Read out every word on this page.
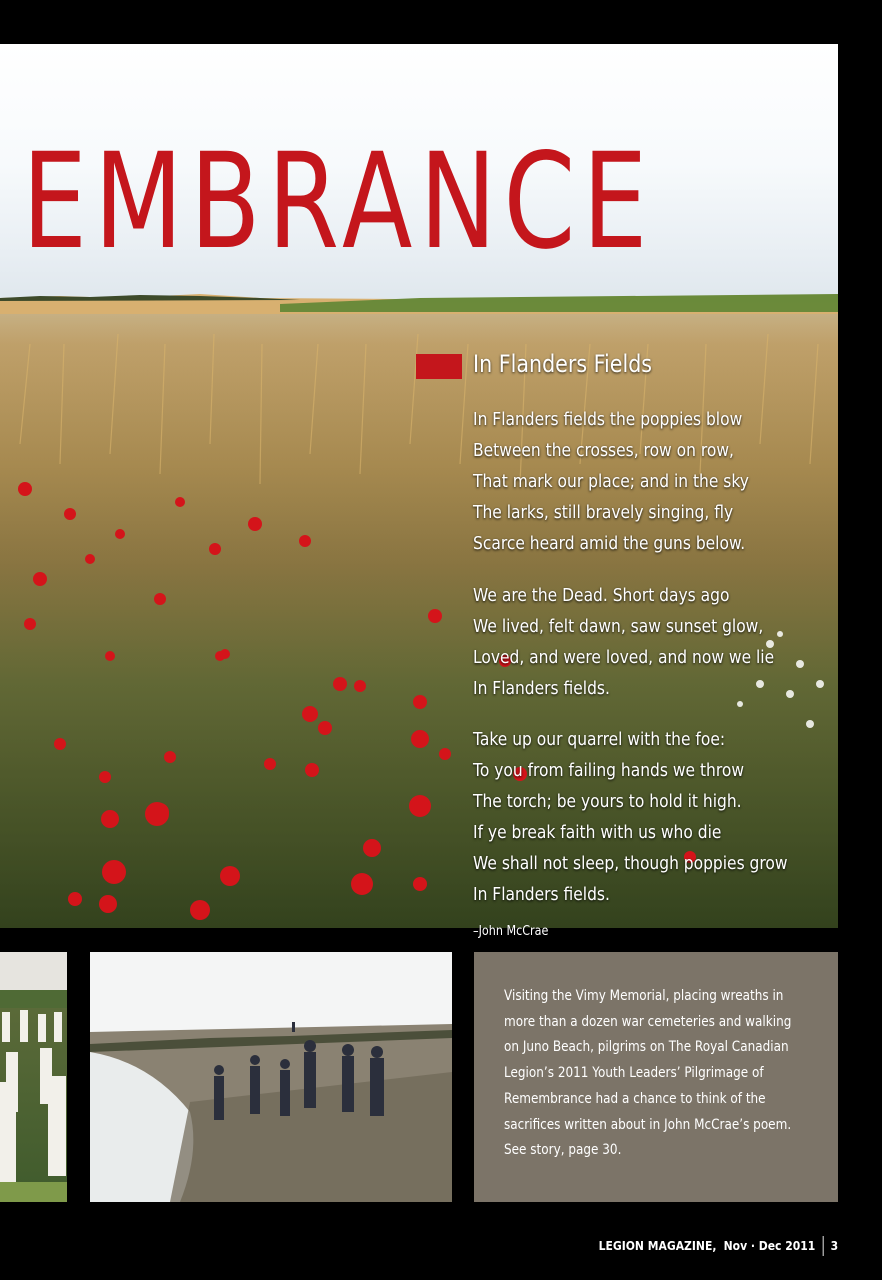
EMBRANCE
In Flanders Fields

In Flanders fields the poppies blow
Between the crosses, row on row,
That mark our place; and in the sky
The larks, still bravely singing, fly
Scarce heard amid the guns below.

We are the Dead. Short days ago
We lived, felt dawn, saw sunset glow,
Loved, and were loved, and now we lie
In Flanders fields.

Take up our quarrel with the foe:
To you from failing hands we throw
The torch; be yours to hold it high.
If ye break faith with us who die
We shall not sleep, though poppies grow
In Flanders fields.

–John McCrae

Visiting the Vimy Memorial, placing wreaths in
more than a dozen war cemeteries and walking
on Juno Beach, pilgrims on The Royal Canadian
Legion’s 2011 Youth Leaders’ Pilgrimage of
Remembrance had a chance to think of the
sacrifices written about in John McCrae’s poem.
See story, page 30.

LEGION MAGAZINE, Nov · Dec 2011 3
